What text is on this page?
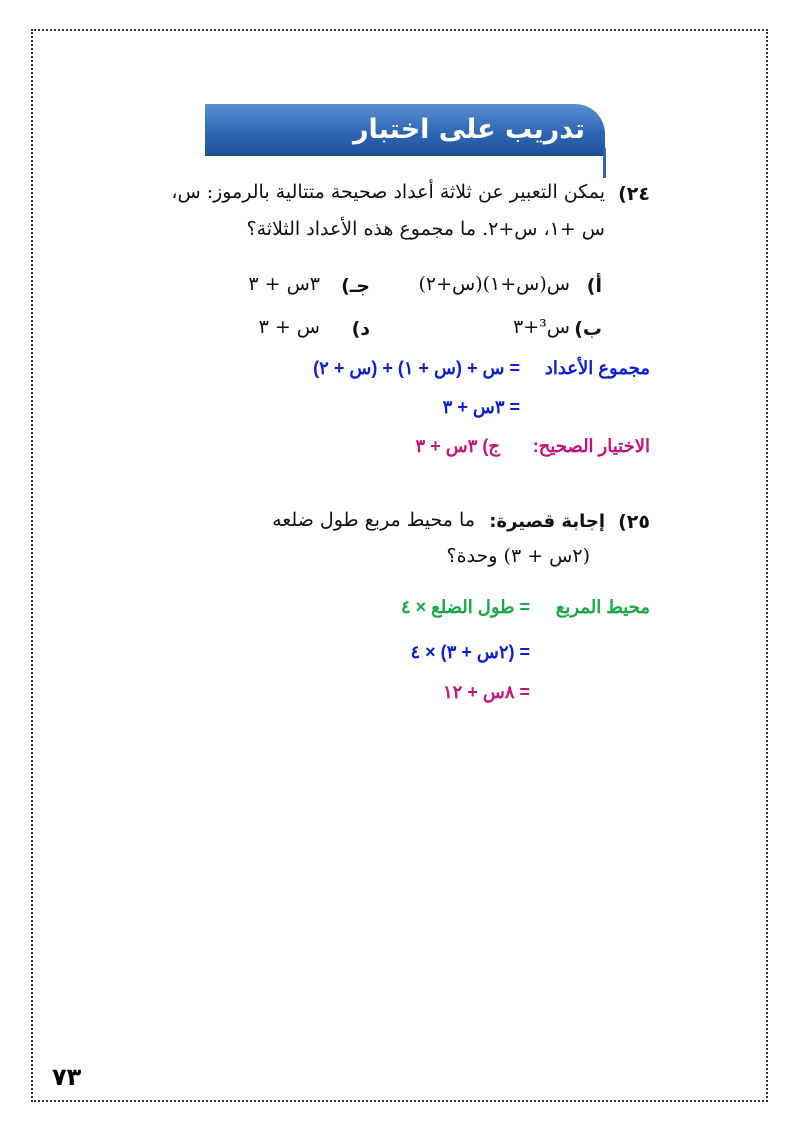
تدريب على اختبار
٢٤)
يمكن التعبير عن ثلاثة أعداد صحيحة متتالية بالرموز: س،
س +١، س+٢. ما مجموع هذه الأعداد الثلاثة؟
أ)
س(س+١)(س+٢)
جـ)
٣س + ٣
ب)
س³+٣
د)
س + ٣
مجموع الأعداد
= س + (س + ١) + (س + ٢)
= ٣س + ٣
الاختيار الصحيح:
ج) ٣س + ٣
٢٥)
إجابة قصيرة:
ما محيط مربع طول ضلعه
(٢س + ٣) وحدة؟
محيط المربع
= طول الضلع × ٤
= (٢س + ٣) × ٤
= ٨س + ١٢
٧٣
